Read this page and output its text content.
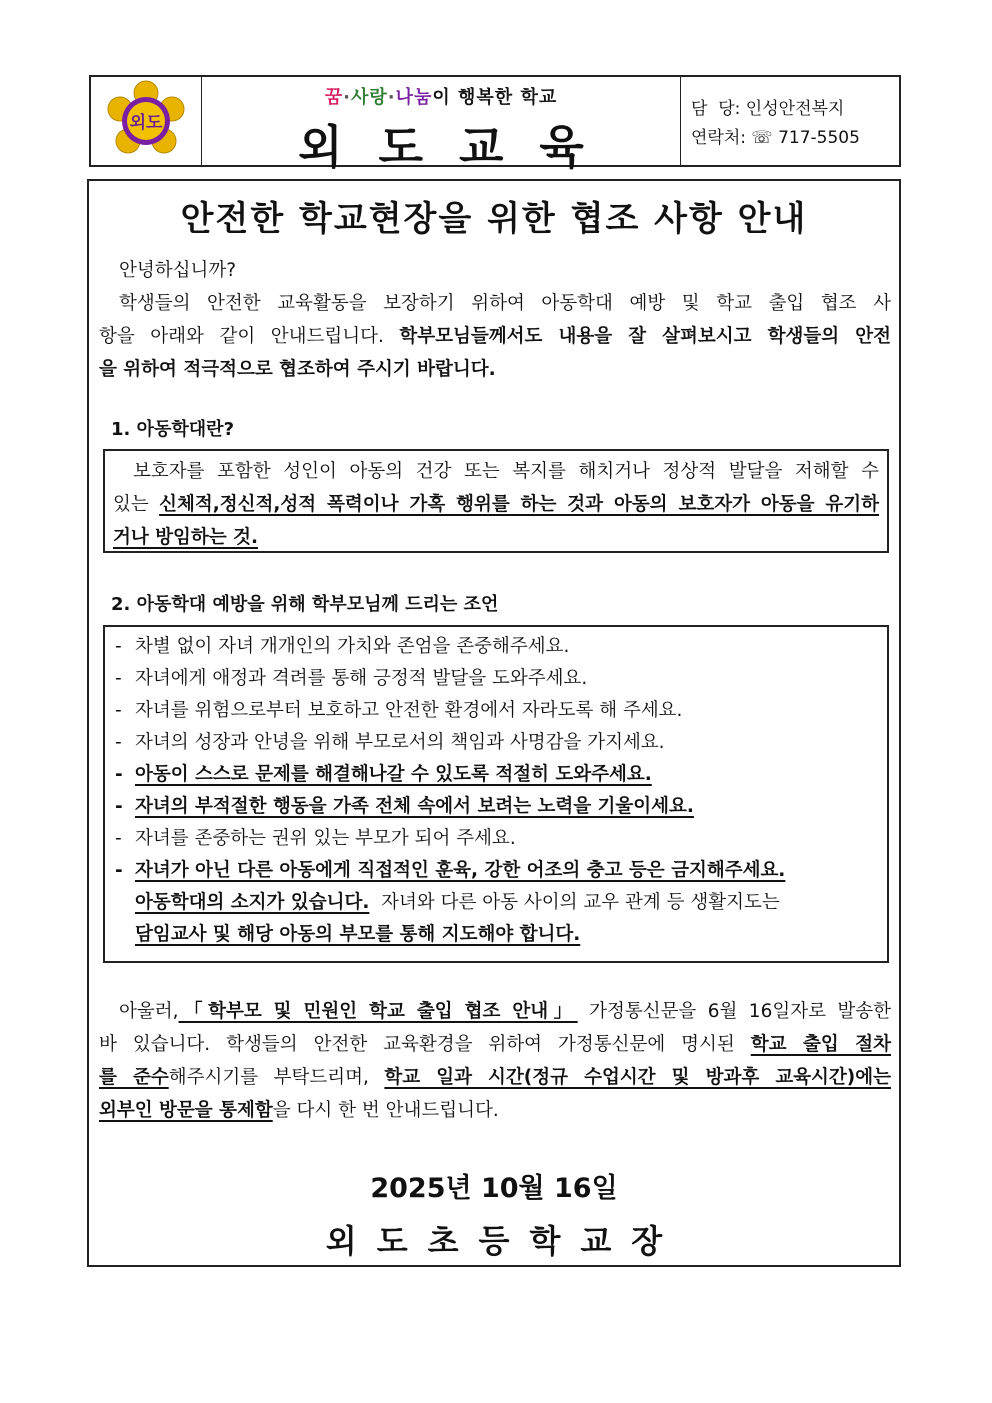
외도
꿈·사랑·나눔이 행복한 학교
외도교육
담  당: 인성안전복지
연락처: ☏ 717-5505
안전한 학교현장을 위한 협조 사항 안내
안녕하십니까?
학생들의 안전한 교육활동을 보장하기 위하여 아동학대 예방 및 학교 출입 협조 사
항을 아래와 같이 안내드립니다. 학부모님들께서도 내용을 잘 살펴보시고 학생들의 안전
을 위하여 적극적으로 협조하여 주시기 바랍니다.
1. 아동학대란?
보호자를 포함한 성인이 아동의 건강 또는 복지를 해치거나 정상적 발달을 저해할 수
있는 신체적,정신적,성적 폭력이나 가혹 행위를 하는 것과 아동의 보호자가 아동을 유기하
거나 방임하는 것.
2. 아동학대 예방을 위해 학부모님께 드리는 조언
- 차별 없이 자녀 개개인의 가치와 존엄을 존중해주세요.
- 자녀에게 애정과 격려를 통해 긍정적 발달을 도와주세요.
- 자녀를 위험으로부터 보호하고 안전한 환경에서 자라도록 해 주세요.
- 자녀의 성장과 안녕을 위해 부모로서의 책임과 사명감을 가지세요.
- 아동이 스스로 문제를 해결해나갈 수 있도록 적절히 도와주세요.
- 자녀의 부적절한 행동을 가족 전체 속에서 보려는 노력을 기울이세요.
- 자녀를 존중하는 권위 있는 부모가 되어 주세요.
- 자녀가 아닌 다른 아동에게 직접적인 훈육, 강한 어조의 충고 등은 금지해주세요.
아동학대의 소지가 있습니다.  자녀와 다른 아동 사이의 교우 관계 등 생활지도는
담임교사 및 해당 아동의 부모를 통해 지도해야 합니다.
아울러,「학부모 및 민원인 학교 출입 협조 안내」 가정통신문을 6월 16일자로 발송한
바 있습니다. 학생들의 안전한 교육환경을 위하여 가정통신문에 명시된 학교 출입 절차
를 준수해주시기를 부탁드리며, 학교 일과 시간(정규 수업시간 및 방과후 교육시간)에는
외부인 방문을 통제함을 다시 한 번 안내드립니다.
2025년 10월 16일
외도초등학교장
